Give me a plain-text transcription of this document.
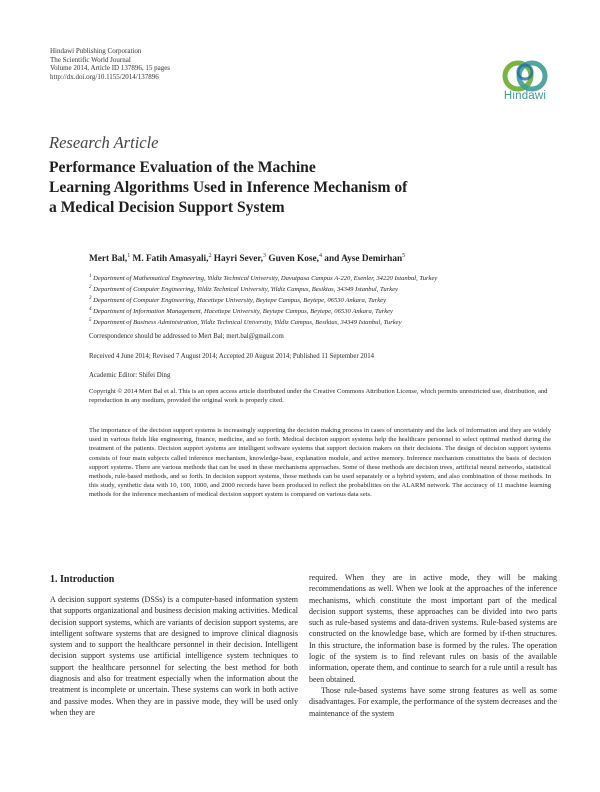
Hindawi Publishing Corporation
The Scientific World Journal
Volume 2014, Article ID 137896, 15 pages
http://dx.doi.org/10.1155/2014/137896
Hindawi
Research Article
Performance Evaluation of the Machine
Learning Algorithms Used in Inference Mechanism of
a Medical Decision Support System
Mert Bal,$^1$ M. Fatih Amasyali,$^2$ Hayri Sever,$^3$ Guven Kose,$^4$ and Ayse Demirhan$^5$
$^1$ Department of Mathematical Engineering, Yildiz Technical University, Davutpasa Campus A-220, Esenler, 34220 Istanbul, Turkey
$^2$ Department of Computer Engineering, Yildiz Technical University, Yildiz Campus, Besiktas, 34349 Istanbul, Turkey
$^3$ Department of Computer Engineering, Hacettepe University, Beytepe Campus, Beytepe, 06530 Ankara, Turkey
$^4$ Department of Information Management, Hacettepe University, Beytepe Campus, Beytepe, 06530 Ankara, Turkey
$^5$ Department of Business Administration, Yildiz Technical University, Yildiz Campus, Besiktas, 34349 Istanbul, Turkey
Correspondence should be addressed to Mert Bal; mert.bal@gmail.com
Received 4 June 2014; Revised 7 August 2014; Accepted 20 August 2014; Published 11 September 2014
Academic Editor: Shifei Ding
Copyright © 2014 Mert Bal et al. This is an open access article distributed under the Creative Commons Attribution License, which permits unrestricted use, distribution, and reproduction in any medium, provided the original work is properly cited.
The importance of the decision support systems is increasingly supporting the decision making process in cases of uncertainty and the lack of information and they are widely used in various fields like engineering, finance, medicine, and so forth. Medical decision support systems help the healthcare personnel to select optimal method during the treatment of the patients. Decision support systems are intelligent software systems that support decision makers on their decisions. The design of decision support systems consists of four main subjects called inference mechanism, knowledge-base, explanation module, and active memory. Inference mechanism constitutes the basis of decision support systems. There are various methods that can be used in these mechanisms approaches. Some of these methods are decision trees, artificial neural networks, statistical methods, rule-based methods, and so forth. In decision support systems, those methods can be used separately or a hybrid system, and also combination of those methods. In this study, synthetic data with 10, 100, 1000, and 2000 records have been produced to reflect the probabilities on the ALARM network. The accuracy of 11 machine learning methods for the inference mechanism of medical decision support system is compared on various data sets.
1. Introduction

A decision support systems (DSSs) is a computer-based information system that supports organizational and business decision making activities. Medical decision support systems, which are variants of decision support systems, are intelligent software systems that are designed to improve clinical diagnosis system and to support the healthcare personnel in their decision. Intelligent decision support systems use artificial intelligence system techniques to support the healthcare personnel for selecting the best method for both diagnosis and also for treatment especially when the information about the treatment is incomplete or uncertain. These systems can work in both active and passive modes. When they are in passive mode, they will be used only when they are

required. When they are in active mode, they will be making recommendations as well. When we look at the approaches of the inference mechanisms, which constitute the most important part of the medical decision support systems, these approaches can be divided into two parts such as rule-based systems and data-driven systems. Rule-based systems are constructed on the knowledge base, which are formed by if-then structures. In this structure, the information base is formed by the rules. The operation logic of the system is to find relevant rules on basis of the available information, operate them, and continue to search for a rule until a result has been obtained.

Those rule-based systems have some strong features as well as some disadvantages. For example, the performance of the system decreases and the maintenance of the system
